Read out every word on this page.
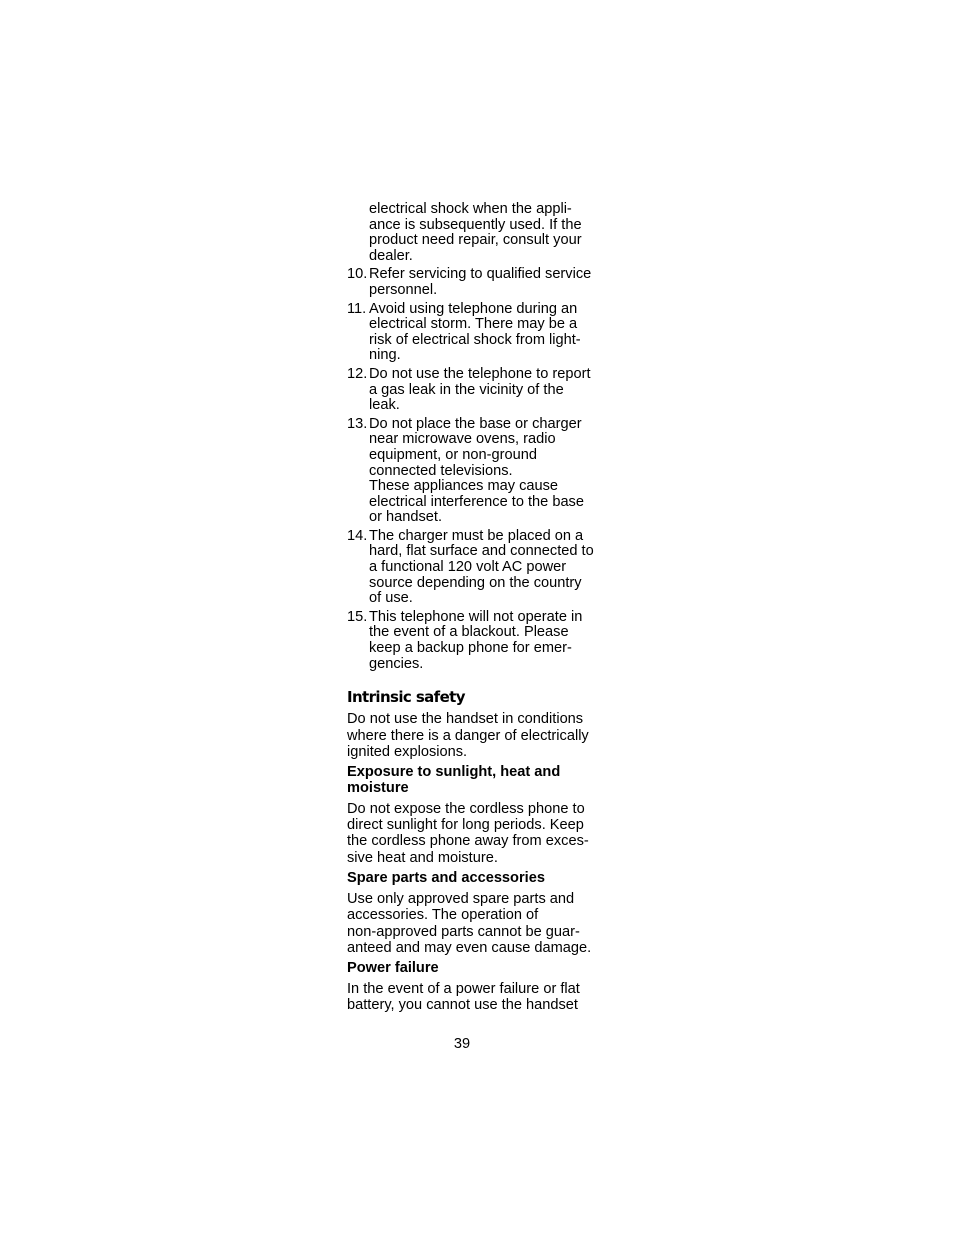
electrical shock when the appli-
ance is subsequently used. If the
product need repair, consult your
dealer.
10. Refer servicing to qualified service
personnel.
11. Avoid using telephone during an
electrical storm. There may be a
risk of electrical shock from light-
ning.
12. Do not use the telephone to report
a gas leak in the vicinity of the
leak.
13. Do not place the base or charger
near microwave ovens, radio
equipment, or non-ground
connected televisions.
These appliances may cause
electrical interference to the base
or handset.
14. The charger must be placed on a
hard, flat surface and connected to
a functional 120 volt AC power
source depending on the country
of use.
15. This telephone will not operate in
the event of a blackout. Please
keep a backup phone for emer-
gencies.
Intrinsic safety
Do not use the handset in conditions
where there is a danger of electrically
ignited explosions.
Exposure to sunlight, heat and
moisture
Do not expose the cordless phone to
direct sunlight for long periods. Keep
the cordless phone away from exces-
sive heat and moisture.
Spare parts and accessories
Use only approved spare parts and
accessories. The operation of
non-approved parts cannot be guar-
anteed and may even cause damage.
Power failure
In the event of a power failure or flat
battery, you cannot use the handset
39
